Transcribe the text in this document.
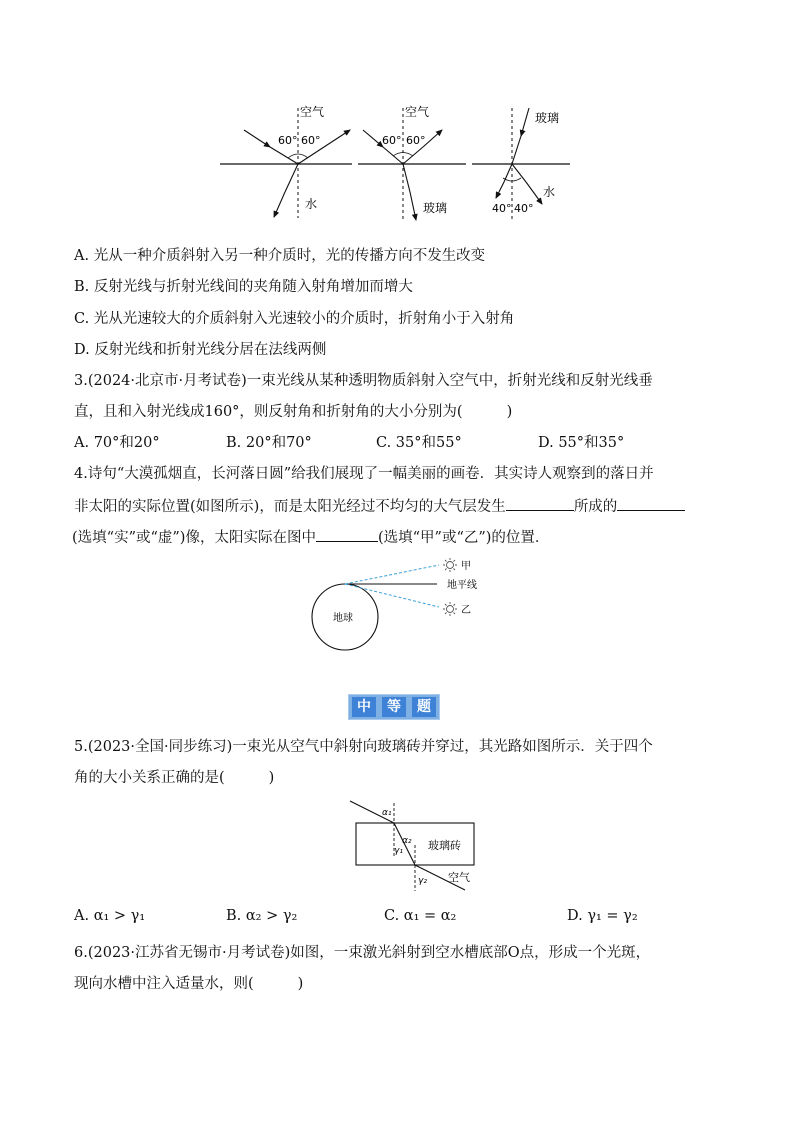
空气
水
60° 60°
空气
玻璃
60° 60°
玻璃
水
40° 40°
A. 光从一种介质斜射入另一种介质时，光的传播方向不发生改变
B. 反射光线与折射光线间的夹角随入射角增加而增大
C. 光从光速较大的介质斜射入光速较小的介质时，折射角小于入射角
D. 反射光线和折射光线分居在法线两侧
3.(2024·北京市·月考试卷)一束光线从某种透明物质斜射入空气中，折射光线和反射光线垂
直，且和入射光线成160°，则反射角和折射角的大小分别为(	)
A. 70°和20°	B. 20°和70°	C. 35°和55°	D. 55°和35°
4.诗句“大漠孤烟直，长河落日圆”给我们展现了一幅美丽的画卷．其实诗人观察到的落日并
非太阳的实际位置(如图所示)，而是太阳光经过不均匀的大气层发生	所成的
(选填“实”或“虚”)像，太阳实际在图中	(选填“甲”或“乙”)的位置．
地球
地平线
甲
乙
中	等	题
5.(2023·全国·同步练习)一束光从空气中斜射向玻璃砖并穿过，其光路如图所示．关于四个
角的大小关系正确的是(	)
α₁
γ₁
α₂
γ₂
玻璃砖
空气
A. α₁ > γ₁	B. α₂ > γ₂	C. α₁ = α₂	D. γ₁ = γ₂
6.(2023·江苏省无锡市·月考试卷)如图，一束激光斜射到空水槽底部O点，形成一个光斑，
现向水槽中注入适量水，则(	)
